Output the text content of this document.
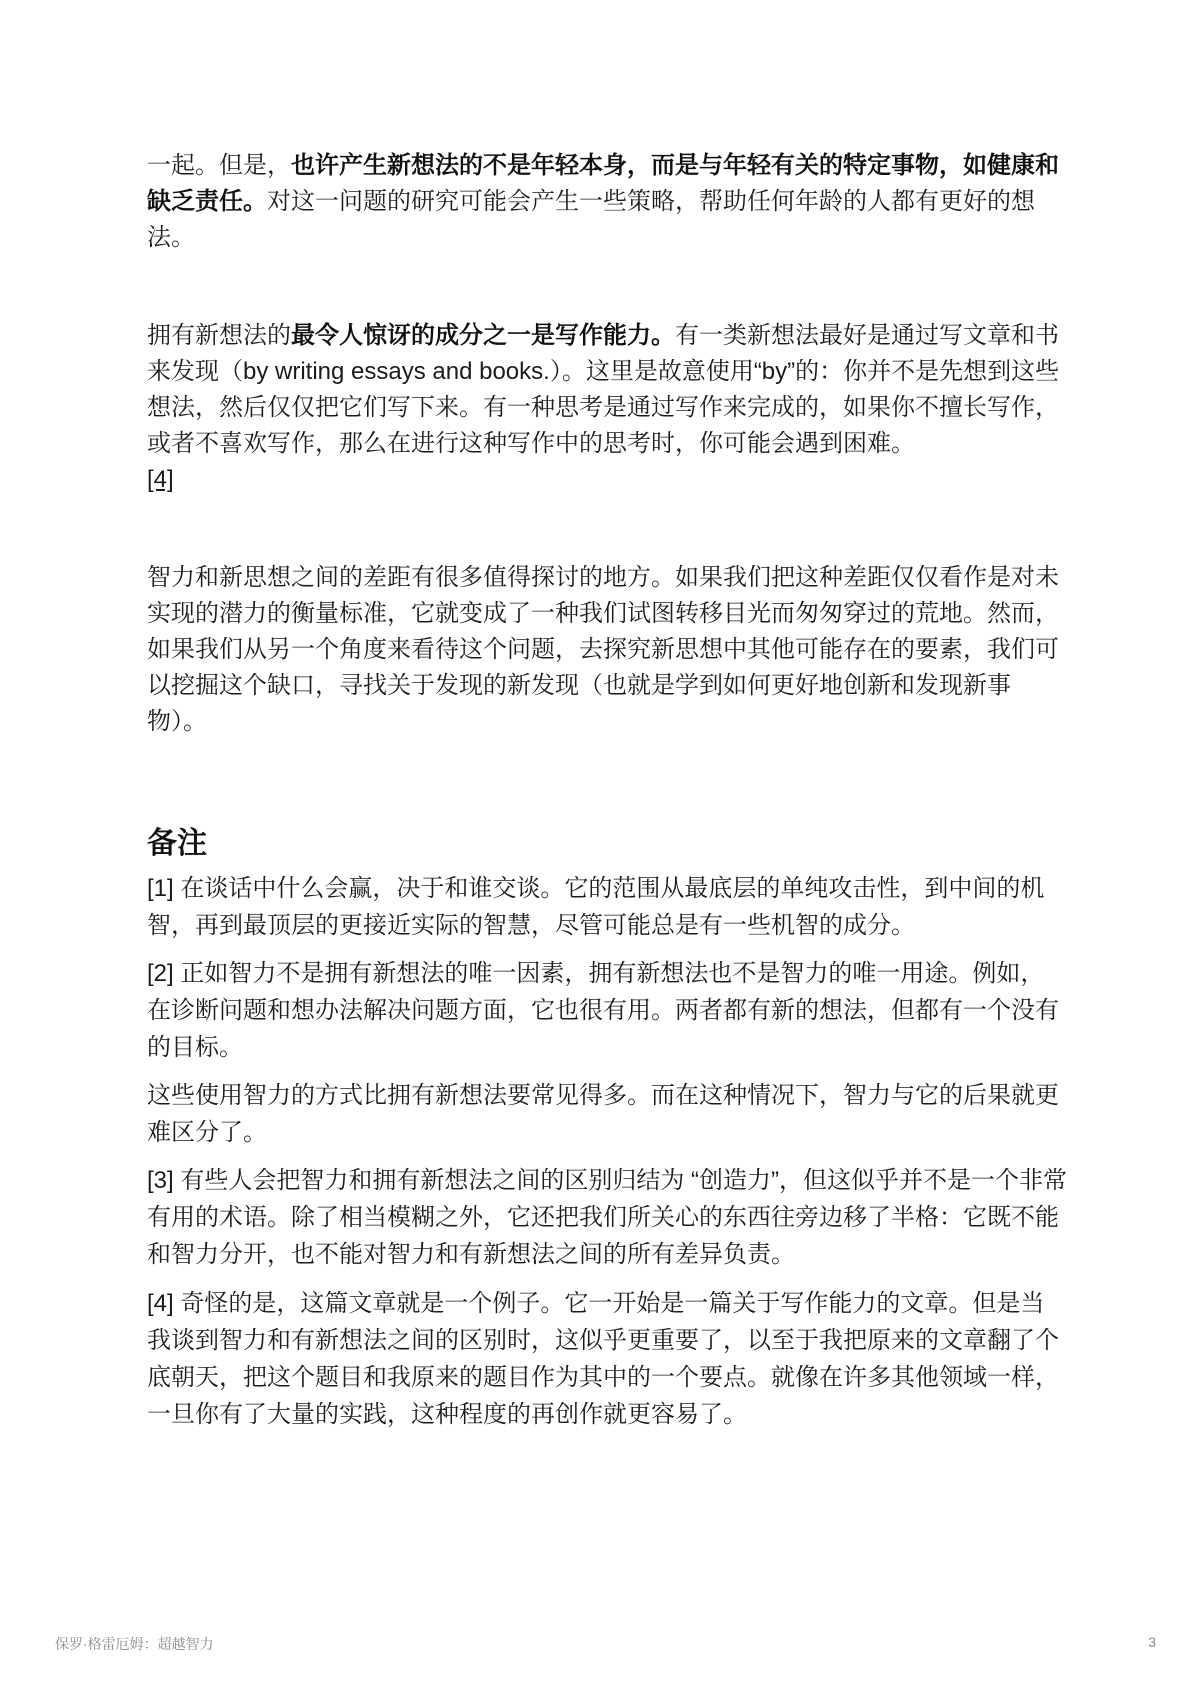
一起。但是，也许产生新想法的不是年轻本身，而是与年轻有关的特定事物，如健康和缺乏责任。对这一问题的研究可能会产生一些策略，帮助任何年龄的人都有更好的想法。

拥有新想法的最令人惊讶的成分之一是写作能力。有一类新想法最好是通过写文章和书来发现（by writing essays and books.）。这里是故意使用“by”的：你并不是先想到这些想法，然后仅仅把它们写下来。有一种思考是通过写作来完成的，如果你不擅长写作，或者不喜欢写作，那么在进行这种写作中的思考时，你可能会遇到困难。
[4]

智力和新思想之间的差距有很多值得探讨的地方。如果我们把这种差距仅仅看作是对未实现的潜力的衡量标准，它就变成了一种我们试图转移目光而匆匆穿过的荒地。然而，如果我们从另一个角度来看待这个问题，去探究新思想中其他可能存在的要素，我们可以挖掘这个缺口，寻找关于发现的新发现（也就是学到如何更好地创新和发现新事物）。

备注

[1] 在谈话中什么会赢，决于和谁交谈。它的范围从最底层的单纯攻击性，到中间的机智，再到最顶层的更接近实际的智慧，尽管可能总是有一些机智的成分。

[2] 正如智力不是拥有新想法的唯一因素，拥有新想法也不是智力的唯一用途。例如，在诊断问题和想办法解决问题方面，它也很有用。两者都有新的想法，但都有一个没有的目标。

这些使用智力的方式比拥有新想法要常见得多。而在这种情况下，智力与它的后果就更难区分了。

[3] 有些人会把智力和拥有新想法之间的区别归结为 “创造力”，但这似乎并不是一个非常有用的术语。除了相当模糊之外，它还把我们所关心的东西往旁边移了半格：它既不能和智力分开，也不能对智力和有新想法之间的所有差异负责。

[4] 奇怪的是，这篇文章就是一个例子。它一开始是一篇关于写作能力的文章。但是当我谈到智力和有新想法之间的区别时，这似乎更重要了，以至于我把原来的文章翻了个底朝天，把这个题目和我原来的题目作为其中的一个要点。就像在许多其他领域一样，一旦你有了大量的实践，这种程度的再创作就更容易了。

保罗·格雷厄姆：超越智力	3
